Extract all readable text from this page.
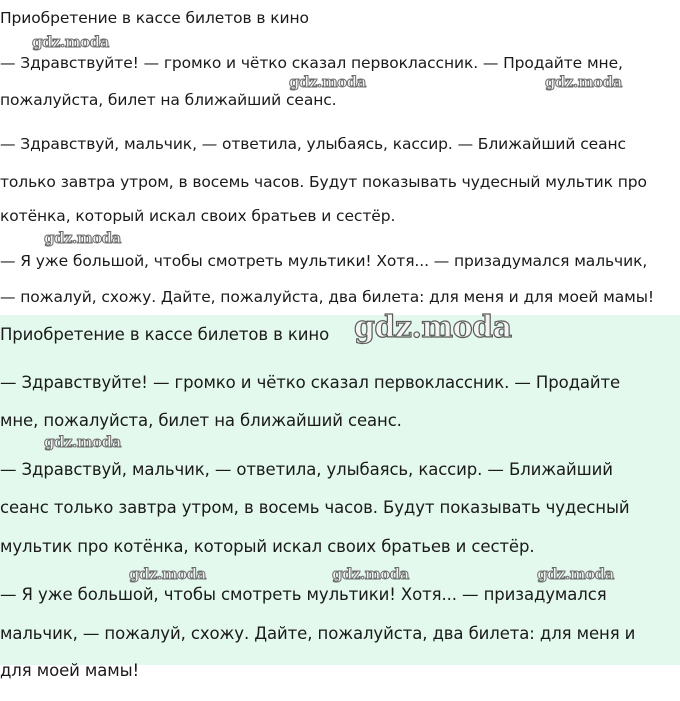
Приобретение в кассе билетов в кино

— Здравствуйте! — громко и чётко сказал первоклассник. — Продайте мне,

пожалуйста, билет на ближайший сеанс.

— Здравствуй, мальчик, — ответила, улыбаясь, кассир. — Ближайший сеанс

только завтра утром, в восемь часов. Будут показывать чудесный мультик про

котёнка, который искал своих братьев и сестёр.

— Я уже большой, чтобы смотреть мультики! Хотя... — призадумался мальчик,

— пожалуй, схожу. Дайте, пожалуйста, два билета: для меня и для моей мамы!

Приобретение в кассе билетов в кино

— Здравствуйте! — громко и чётко сказал первоклассник. — Продайте

мне, пожалуйста, билет на ближайший сеанс.

— Здравствуй, мальчик, — ответила, улыбаясь, кассир. — Ближайший

сеанс только завтра утром, в восемь часов. Будут показывать чудесный

мультик про котёнка, который искал своих братьев и сестёр.

— Я уже большой, чтобы смотреть мультики! Хотя... — призадумался

мальчик, — пожалуй, схожу. Дайте, пожалуйста, два билета: для меня и

для моей мамы!

gdz.moda
gdz.moda	gdz.moda
gdz.moda
gdz.moda
gdz.moda
gdz.moda	gdz.moda	gdz.moda
